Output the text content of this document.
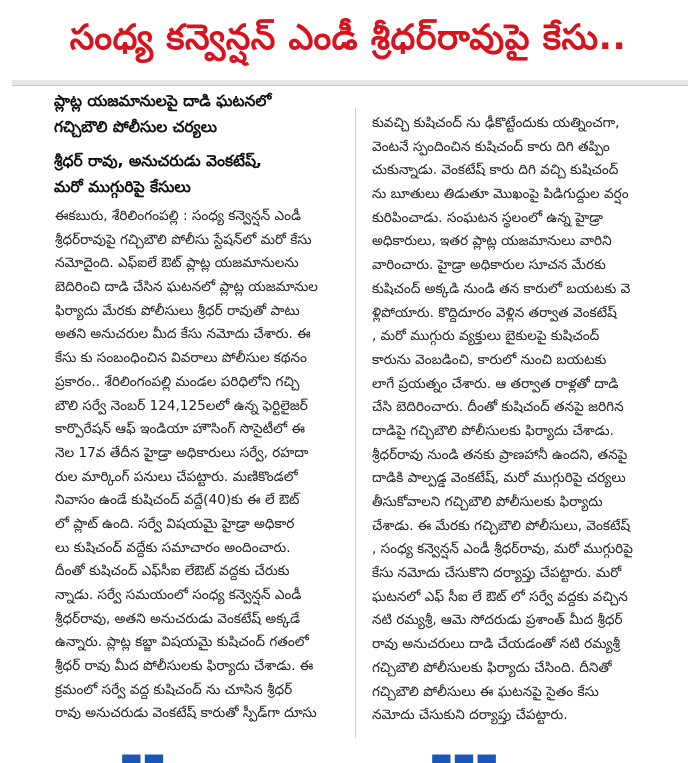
సంధ్య కన్వెన్షన్ ఎండీ శ్రీధర్‌రావుపై కేసు..
ప్లాట్ల యజమానులపై దాడి ఘటనలో
గచ్చిబౌలి పోలీసుల చర్యలు
శ్రీధర్ రావు, అనుచరుడు వెంకటేష్,
మరో ముగ్గురిపై కేసులు
ఈకబురు, శేరిలింగంపల్లి : సంధ్య కన్వెన్షన్ ఎండీ
శ్రీధర్‌రావుపై గచ్చిబౌలి పోలీసు స్టేషన్‌లో మరో కేసు
నమోదైంది. ఎఫ్ఐలే ఔట్ ప్లాట్ల యజమానులను
బెదిరించి దాడి చేసిన ఘటనలో ప్లాట్ల యజమానుల
ఫిర్యాదు మేరకు పోలీసులు శ్రీధర్ రావుతో పాటు
అతని అనుచరుల మీద కేసు నమోదు చేశారు. ఈ
కేసు కు సంబంధించిన వివరాలు పోలీసుల కథనం
ప్రకారం.. శేరిలింగంపల్లి మండల పరిధిలోని గచ్చి
బౌలి సర్వే నెంబర్ 124,125లలో ఉన్న ఫెర్టిలైజర్
కార్పొరేషన్ ఆఫ్ ఇండియా హౌసింగ్ సొసైటీలో ఈ
నెల 17వ తేదీన హైడ్రా అధికారులు సర్వే, రహదా
రుల మార్కింగ్ పనులు చేపట్టారు. మణికొండలో
నివాసం ఉండే కుషిచంద్ వద్దే(40)కు ఈ లే ఔట్
లో ప్లాట్ ఉంది. సర్వే విషయమై హైడ్రా అధికార
లు కుషిచంద్ వద్దేకు సమాచారం అందించారు.
దీంతో కుషిచంద్ ఎఫ్‌సీఐ లేఔట్ వద్దకు చేరుకు
న్నాడు. సర్వే సమయంలో సంధ్య కన్వెన్షన్ ఎండీ
శ్రీధర్‌రావు, అతని అనుచరుడు వెంకటేష్ అక్కడే
ఉన్నారు. ప్లాట్ల కబ్జా విషయమై కుషిచంద్ గతంలో
శ్రీధర్ రావు మీద పోలీసులకు ఫిర్యాదు చేశాడు. ఈ
క్రమంలో సర్వే వద్ద కుషిచంద్ ను చూసిన శ్రీధర్
రావు అనుచరుడు వెంకటేష్ కారుతో స్పీడ్‌గా దూసు
కువచ్చి కుషిచంద్ ను ఢీకొట్టేందుకు యత్నించగా,
వెంటనే స్పందించిన కుషిచంద్ కారు దిగి తప్పిం
చుకున్నాడు. వెంకటేష్ కారు దిగి వచ్చి కుషిచంద్
ను బూతులు తిడుతూ మొఖంపై పిడిగుద్దుల వర్షం
కురిపించాడు. సంఘటన స్థలంలో ఉన్న హైడ్రా
అధికారులు, ఇతర ప్లాట్ల యజమానులు వారిని
వారించారు. హైడ్రా అధికారుల సూచన మేరకు
కుషిచంద్ అక్కడి నుండి తన కారులో బయటకు వె
ళ్లిపోయారు. కొద్దిదూరం వెళ్లిన తర్వాత వెంకటేష్
, మరో ముగ్గురు వ్యక్తులు బైకులపై కుషిచంద్
కారును వెంబడించి, కారులో నుంచి బయటకు
లాగే ప్రయత్నం చేశారు. ఆ తర్వాత రాళ్లతో దాడి
చేసి బెదిరించారు. దీంతో కుషిచంద్ తనపై జరిగిన
దాడిపై గచ్చిబౌలి పోలీసులకు ఫిర్యాదు చేశాడు.
శ్రీధర్‌రావు నుండి తనకు ప్రాణహానీ ఉందని, తనపై
దాడికి పాల్పడ్డ వెంకటేష్, మరో ముగ్గురిపై చర్యలు
తీసుకోవాలని గచ్చిబౌలి పోలీసులకు ఫిర్యాదు
చేశాడు. ఈ మేరకు గచ్చిబౌలి పోలీసులు, వెంకటేష్
, సంధ్య కన్వెన్షన్ ఎండీ శ్రీధర్‌రావు, మరో ముగ్గురిపై
కేసు నమోదు చేసుకొని దర్యాప్తు చేపట్టారు. మరో
ఘటనలో ఎఫ్ సీఐ లే ఔట్ లో సర్వే వద్దకు వచ్చిన
నటి రమ్యశ్రీ, ఆమె సోదరుడు ప్రశాంత్ మీద శ్రీధర్
రావు అనుచరులు దాడి చేయడంతో నటి రమ్యశ్రీ
గచ్చిబౌలి పోలీసులకు ఫిర్యాదు చేసింది. దీనితో
గచ్చిబౌలి పోలీసులు ఈ ఘటనపై సైతం కేసు
నమోదు చేసుకుని దర్యాప్తు చేపట్టారు.
▬▬	▬▬▬
